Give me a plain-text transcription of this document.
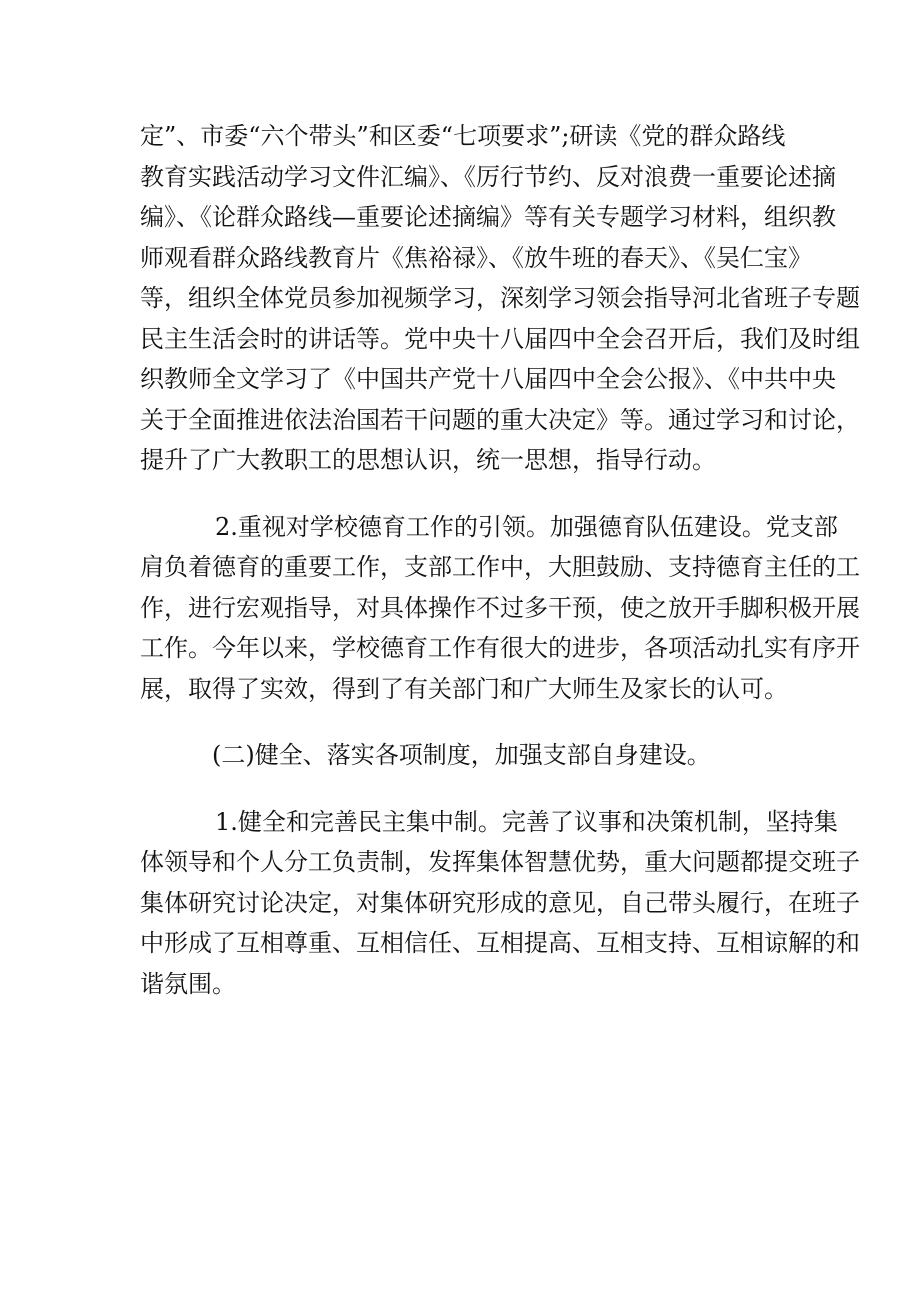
定”、市委“六个带头”和区委“七项要求”;研读《党的群众路线
教育实践活动学习文件汇编》、《厉行节约、反对浪费一重要论述摘
编》、《论群众路线—重要论述摘编》等有关专题学习材料，组织教
师观看群众路线教育片《焦裕禄》、《放牛班的春天》、《吴仁宝》
等，组织全体党员参加视频学习，深刻学习领会指导河北省班子专题
民主生活会时的讲话等。党中央十八届四中全会召开后，我们及时组
织教师全文学习了《中国共产党十八届四中全会公报》、《中共中央
关于全面推进依法治国若干问题的重大决定》等。通过学习和讨论，
提升了广大教职工的思想认识，统一思想，指导行动。
2.重视对学校德育工作的引领。加强德育队伍建设。党支部
肩负着德育的重要工作，支部工作中，大胆鼓励、支持德育主任的工
作，进行宏观指导，对具体操作不过多干预，使之放开手脚积极开展
工作。今年以来，学校德育工作有很大的进步，各项活动扎实有序开
展，取得了实效，得到了有关部门和广大师生及家长的认可。
(二)健全、落实各项制度，加强支部自身建设。
1.健全和完善民主集中制。完善了议事和决策机制，坚持集
体领导和个人分工负责制，发挥集体智慧优势，重大问题都提交班子
集体研究讨论决定，对集体研究形成的意见，自己带头履行，在班子
中形成了互相尊重、互相信任、互相提高、互相支持、互相谅解的和
谐氛围。
